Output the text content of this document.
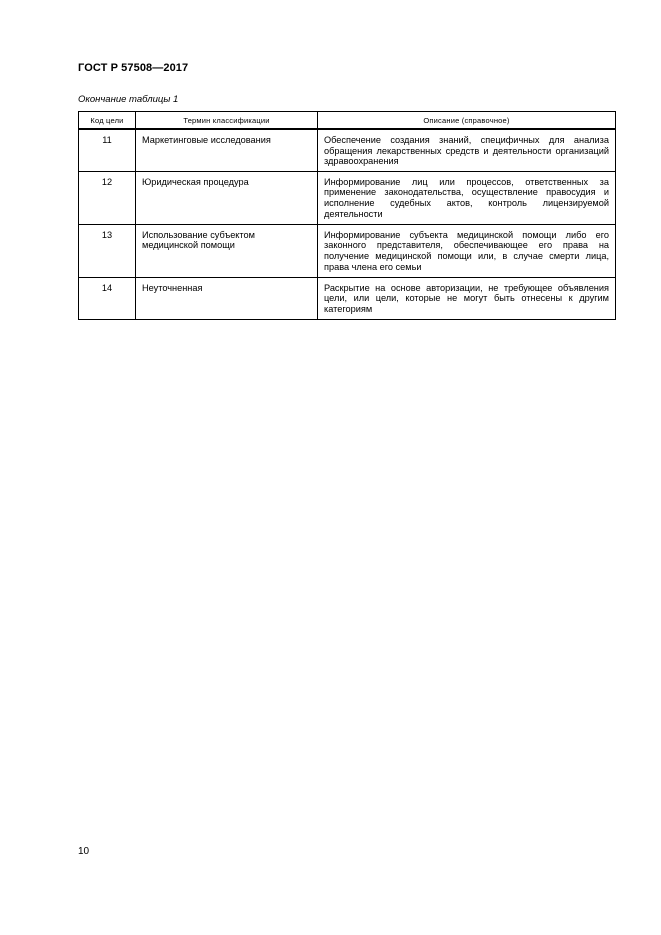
ГОСТ Р 57508—2017
Окончание таблицы 1
Код цели	Термин классификации	Описание (справочное)
11	Маркетинговые исследования	Обеспечение создания знаний, специфичных для анализа обращения лекарственных средств и деятельности организаций здравоохранения
12	Юридическая процедура	Информирование лиц или процессов, ответственных за применение законодательства, осуществление правосудия и исполнение судебных актов, контроль лицензируемой деятельности
13	Использование субъектом медицинской помощи	Информирование субъекта медицинской помощи либо его законного представителя, обеспечивающее его права на получение медицинской помощи или, в случае смерти лица, права члена его семьи
14	Неуточненная	Раскрытие на основе авторизации, не требующее объявления цели, или цели, которые не могут быть отнесены к другим категориям
10
